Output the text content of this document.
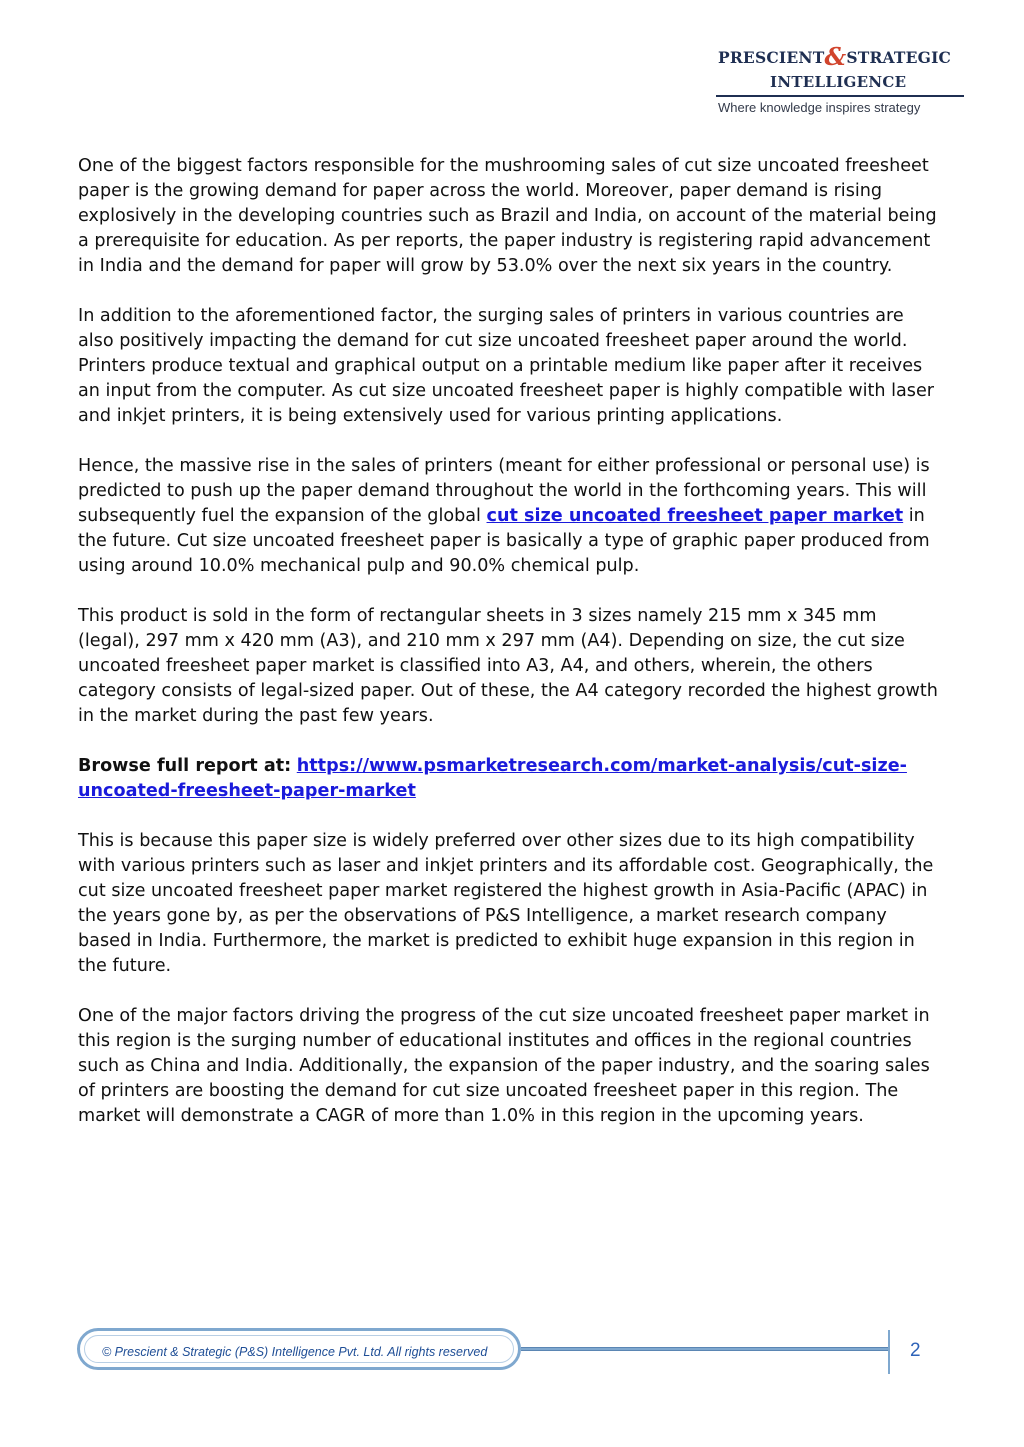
PRESCIENT&STRATEGIC
INTELLIGENCE
Where knowledge inspires strategy

One of the biggest factors responsible for the mushrooming sales of cut size uncoated freesheet paper is the growing demand for paper across the world. Moreover, paper demand is rising explosively in the developing countries such as Brazil and India, on account of the material being a prerequisite for education. As per reports, the paper industry is registering rapid advancement in India and the demand for paper will grow by 53.0% over the next six years in the country.

In addition to the aforementioned factor, the surging sales of printers in various countries are also positively impacting the demand for cut size uncoated freesheet paper around the world. Printers produce textual and graphical output on a printable medium like paper after it receives an input from the computer. As cut size uncoated freesheet paper is highly compatible with laser and inkjet printers, it is being extensively used for various printing applications.

Hence, the massive rise in the sales of printers (meant for either professional or personal use) is predicted to push up the paper demand throughout the world in the forthcoming years. This will subsequently fuel the expansion of the global cut size uncoated freesheet paper market in the future. Cut size uncoated freesheet paper is basically a type of graphic paper produced from using around 10.0% mechanical pulp and 90.0% chemical pulp.

This product is sold in the form of rectangular sheets in 3 sizes namely 215 mm x 345 mm (legal), 297 mm x 420 mm (A3), and 210 mm x 297 mm (A4). Depending on size, the cut size uncoated freesheet paper market is classified into A3, A4, and others, wherein, the others category consists of legal-sized paper. Out of these, the A4 category recorded the highest growth in the market during the past few years.

Browse full report at: https://www.psmarketresearch.com/market-analysis/cut-size-uncoated-freesheet-paper-market

This is because this paper size is widely preferred over other sizes due to its high compatibility with various printers such as laser and inkjet printers and its affordable cost. Geographically, the cut size uncoated freesheet paper market registered the highest growth in Asia-Pacific (APAC) in the years gone by, as per the observations of P&S Intelligence, a market research company based in India. Furthermore, the market is predicted to exhibit huge expansion in this region in the future.

One of the major factors driving the progress of the cut size uncoated freesheet paper market in this region is the surging number of educational institutes and offices in the regional countries such as China and India. Additionally, the expansion of the paper industry, and the soaring sales of printers are boosting the demand for cut size uncoated freesheet paper in this region. The market will demonstrate a CAGR of more than 1.0% in this region in the upcoming years.

© Prescient & Strategic (P&S) Intelligence Pvt. Ltd. All rights reserved	2
